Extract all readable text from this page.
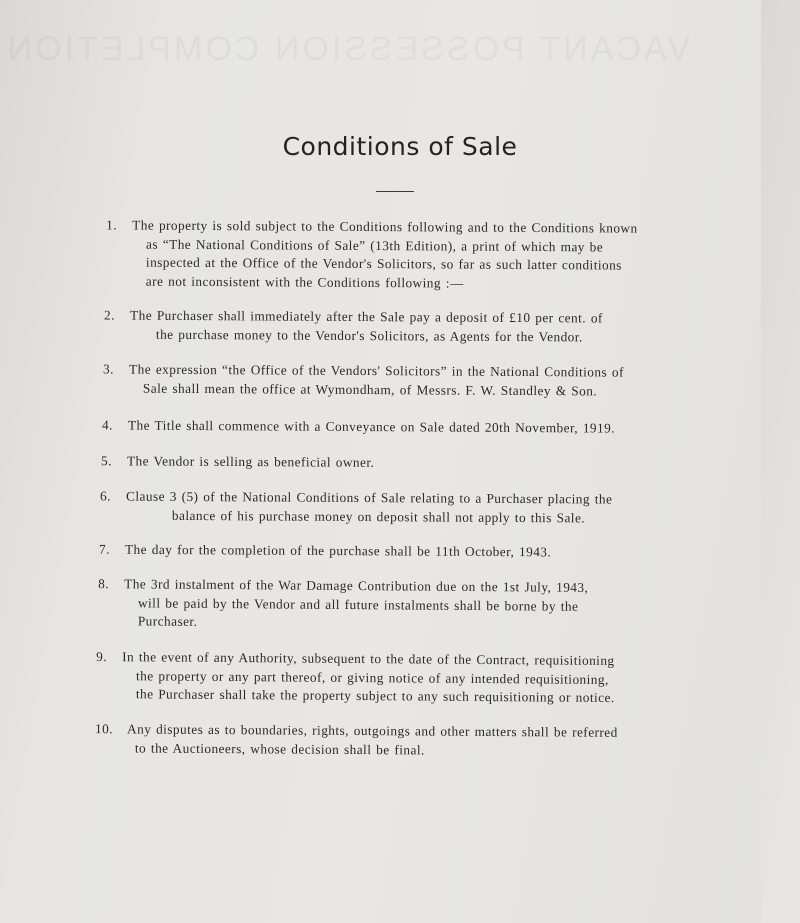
VACANT POSSESSION COMPLETION
Conditions of Sale
1.	The property is sold subject to the Conditions following and to the Conditions known
as “The National Conditions of Sale” (13th Edition), a print of which may be
inspected at the Office of the Vendor's Solicitors, so far as such latter conditions
are not inconsistent with the Conditions following :—
2.	The Purchaser shall immediately after the Sale pay a deposit of £10 per cent. of
the purchase money to the Vendor's Solicitors, as Agents for the Vendor.
3.	The expression “the Office of the Vendors' Solicitors” in the National Conditions of
Sale shall mean the office at Wymondham, of Messrs. F. W. Standley & Son.
4.	The Title shall commence with a Conveyance on Sale dated 20th November, 1919.
5.	The Vendor is selling as beneficial owner.
6.	Clause 3 (5) of the National Conditions of Sale relating to a Purchaser placing the
balance of his purchase money on deposit shall not apply to this Sale.
7.	The day for the completion of the purchase shall be 11th October, 1943.
8.	The 3rd instalment of the War Damage Contribution due on the 1st July, 1943,
will be paid by the Vendor and all future instalments shall be borne by the
Purchaser.
9.	In the event of any Authority, subsequent to the date of the Contract, requisitioning
the property or any part thereof, or giving notice of any intended requisitioning,
the Purchaser shall take the property subject to any such requisitioning or notice.
10.	Any disputes as to boundaries, rights, outgoings and other matters shall be referred
to the Auctioneers, whose decision shall be final.
